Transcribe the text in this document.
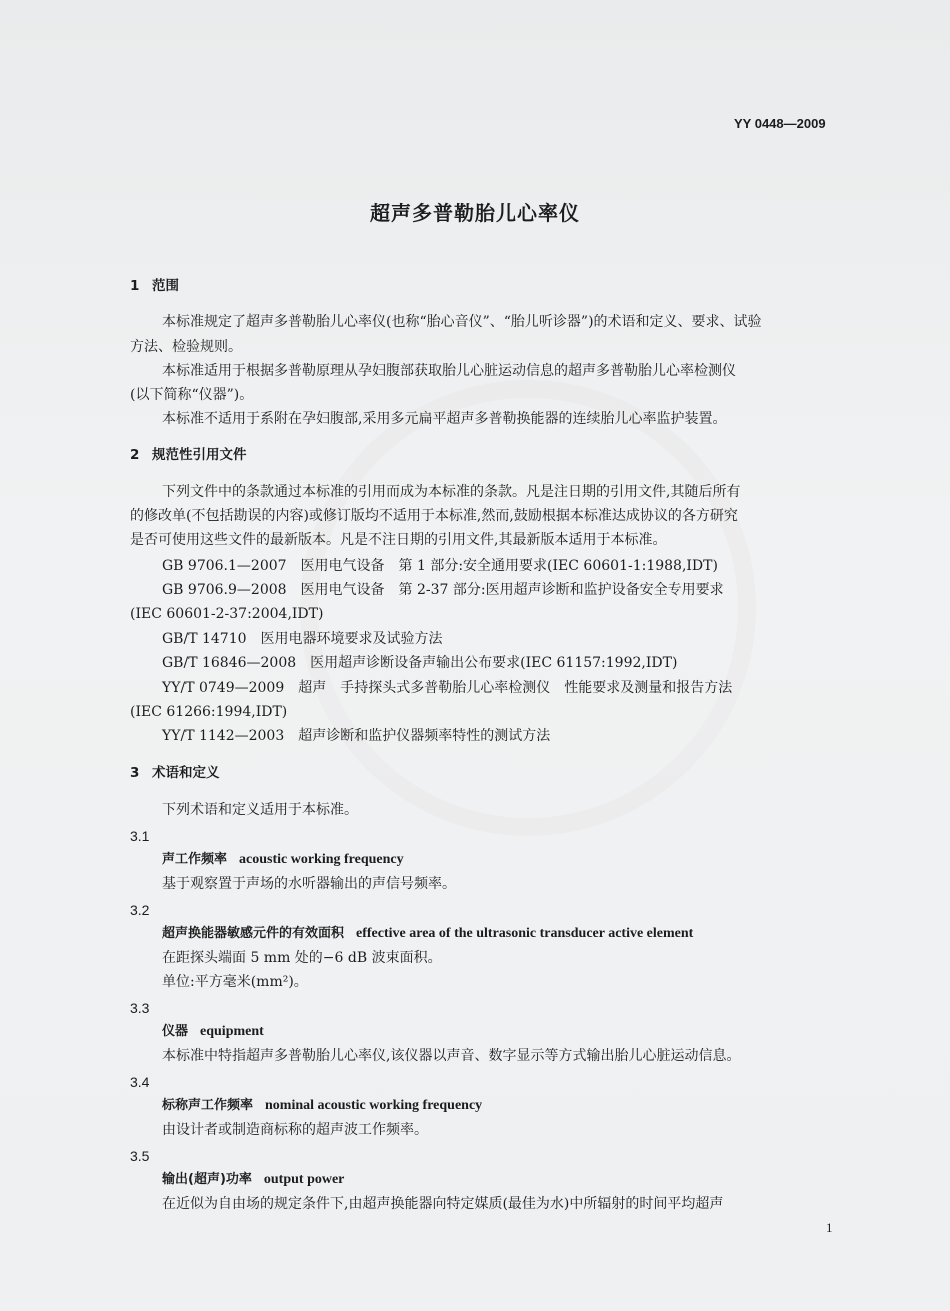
YY 0448—2009
超声多普勒胎儿心率仪
1 范围
本标准规定了超声多普勒胎儿心率仪(也称“胎心音仪”、“胎儿听诊器”)的术语和定义、要求、试验
方法、检验规则。
本标准适用于根据多普勒原理从孕妇腹部获取胎儿心脏运动信息的超声多普勒胎儿心率检测仪
(以下简称“仪器”)。
本标准不适用于系附在孕妇腹部,采用多元扁平超声多普勒换能器的连续胎儿心率监护装置。
2 规范性引用文件
下列文件中的条款通过本标准的引用而成为本标准的条款。凡是注日期的引用文件,其随后所有
的修改单(不包括勘误的内容)或修订版均不适用于本标准,然而,鼓励根据本标准达成协议的各方研究
是否可使用这些文件的最新版本。凡是不注日期的引用文件,其最新版本适用于本标准。
GB 9706.1—2007　医用电气设备　第 1 部分:安全通用要求(IEC 60601-1:1988,IDT)
GB 9706.9—2008　医用电气设备　第 2-37 部分:医用超声诊断和监护设备安全专用要求
(IEC 60601-2-37:2004,IDT)
GB/T 14710　医用电器环境要求及试验方法
GB/T 16846—2008　医用超声诊断设备声输出公布要求(IEC 61157:1992,IDT)
YY/T 0749—2009　超声　手持探头式多普勒胎儿心率检测仪　性能要求及测量和报告方法
(IEC 61266:1994,IDT)
YY/T 1142—2003　超声诊断和监护仪器频率特性的测试方法
3 术语和定义
下列术语和定义适用于本标准。
3.1
声工作频率 acoustic working frequency
基于观察置于声场的水听器输出的声信号频率。
3.2
超声换能器敏感元件的有效面积 effective area of the ultrasonic transducer active element
在距探头端面 5 mm 处的−6 dB 波束面积。
单位:平方毫米(mm²)。
3.3
仪器 equipment
本标准中特指超声多普勒胎儿心率仪,该仪器以声音、数字显示等方式输出胎儿心脏运动信息。
3.4
标称声工作频率 nominal acoustic working frequency
由设计者或制造商标称的超声波工作频率。
3.5
输出(超声)功率 output power
在近似为自由场的规定条件下,由超声换能器向特定媒质(最佳为水)中所辐射的时间平均超声
1
